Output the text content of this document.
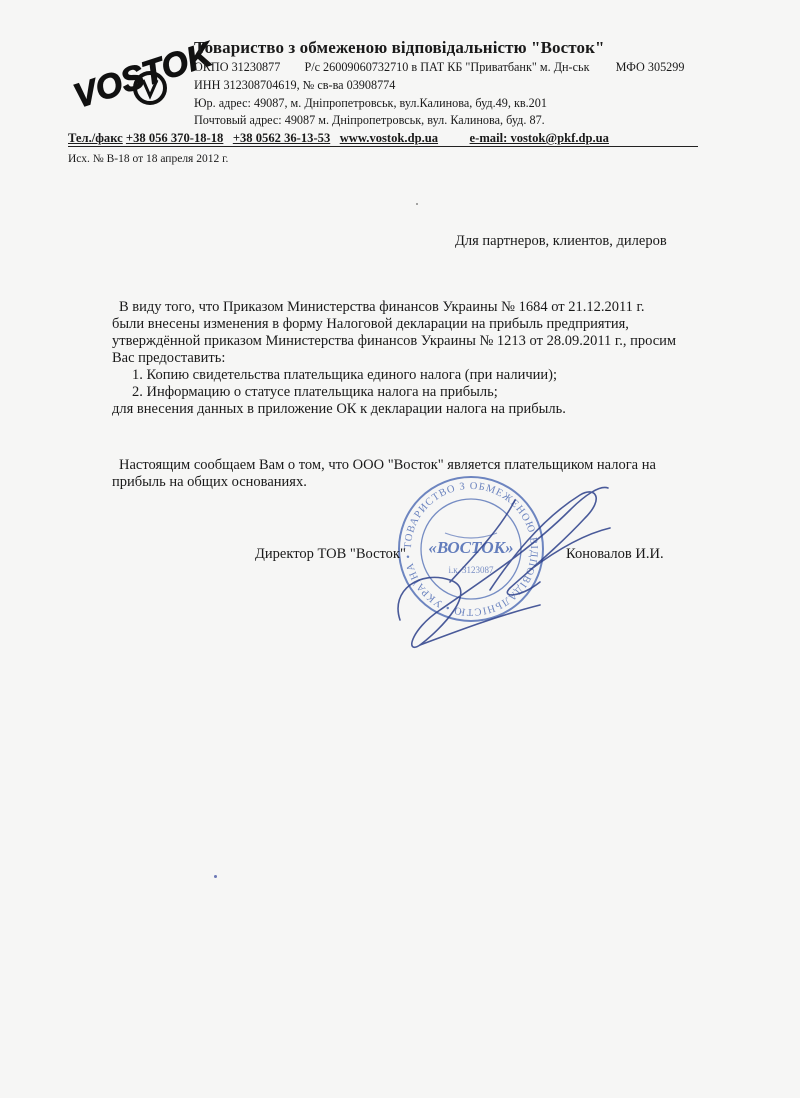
VOSTOK
Товариство з обмеженою відповідальністю "Восток"
ОКПО 31230877 Р/с 26009060732710 в ПАТ КБ "Приватбанк" м. Дн-ськ МФО 305299
ИНН 312308704619, № св-ва 03908774
Юр. адрес: 49087, м. Дніпропетровськ, вул.Калинова, буд.49, кв.201
Почтовый адрес: 49087 м. Дніпропетровськ, вул. Калинова, буд. 87.
Тел./факс +38 056 370-18-18 +38 0562 36-13-53 www.vostok.dp.ua e-mail: vostok@pkf.dp.ua
Исх. № В-18 от 18 апреля 2012 г.
Для партнеров, клиентов, дилеров
В виду того, что Приказом Министерства финансов Украины № 1684 от 21.12.2011 г.
были внесены изменения в форму Налоговой декларации на прибыль предприятия,
утверждённой приказом Министерства финансов Украины № 1213 от 28.09.2011 г., просим
Вас предоставить:
1. Копию свидетельства плательщика единого налога (при наличии);
2. Информацию о статусе плательщика налога на прибыль;
для внесения данных в приложение ОК к декларации налога на прибыль.
Настоящим сообщаем Вам о том, что ООО "Восток" является плательщиком налога на
прибыль на общих основаниях.
ТОВАРИСТВО З ОБМЕЖЕНОЮ ВІДПОВІДАЛЬНІСТЮ • УКРАЇНА • «ВОСТОК»
і.к. 3123087
Директор ТОВ "Восток"	Коновалов И.И.
